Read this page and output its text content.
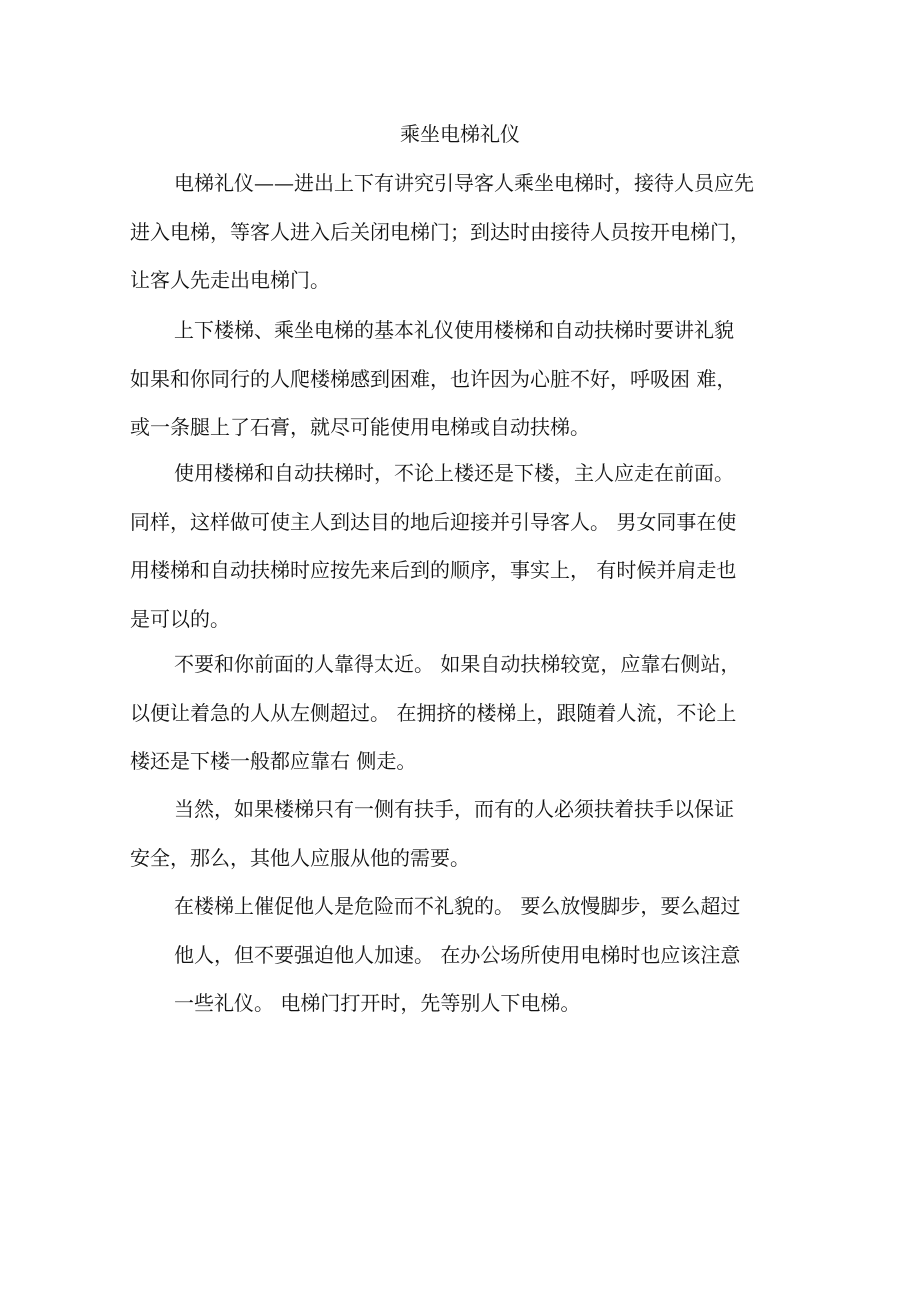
乘坐电梯礼仪
电梯礼仪——进出上下有讲究引导客人乘坐电梯时，接待人员应先
进入电梯，等客人进入后关闭电梯门；到达时由接待人员按开电梯门，
让客人先走出电梯门。
上下楼梯、乘坐电梯的基本礼仪使用楼梯和自动扶梯时要讲礼貌
如果和你同行的人爬楼梯感到困难，也许因为心脏不好，呼吸困 难，
或一条腿上了石膏，就尽可能使用电梯或自动扶梯。
使用楼梯和自动扶梯时，不论上楼还是下楼，主人应走在前面。
同样，这样做可使主人到达目的地后迎接并引导客人。 男女同事在使
用楼梯和自动扶梯时应按先来后到的顺序，事实上， 有时候并肩走也
是可以的。
不要和你前面的人靠得太近。 如果自动扶梯较宽，应靠右侧站，
以便让着急的人从左侧超过。 在拥挤的楼梯上，跟随着人流，不论上
楼还是下楼一般都应靠右 侧走。
当然，如果楼梯只有一侧有扶手，而有的人必须扶着扶手以保证
安全，那么，其他人应服从他的需要。
在楼梯上催促他人是危险而不礼貌的。 要么放慢脚步，要么超过
他人，但不要强迫他人加速。 在办公场所使用电梯时也应该注意
一些礼仪。 电梯门打开时，先等别人下电梯。
